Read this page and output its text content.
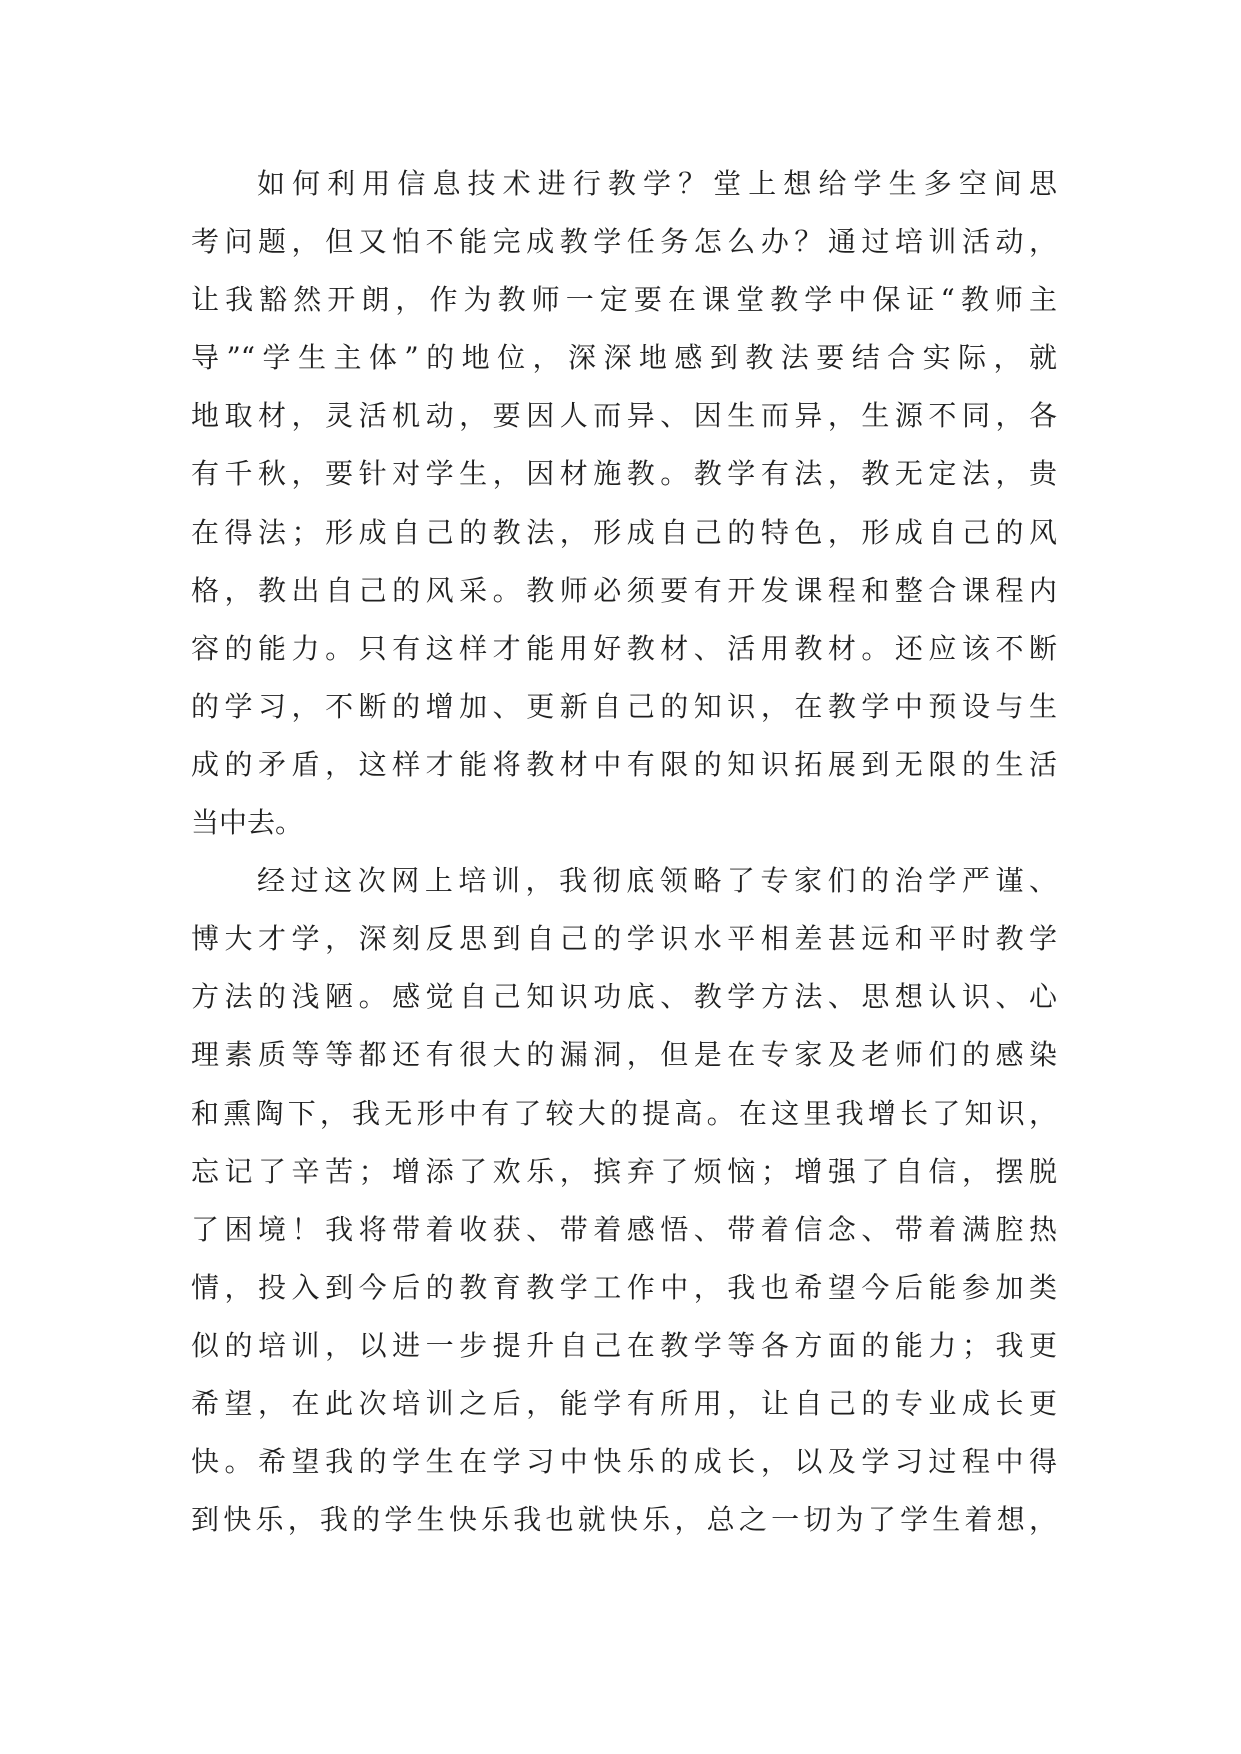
如何利用信息技术进行教学？堂上想给学生多空间思
考问题，但又怕不能完成教学任务怎么办？通过培训活动，
让我豁然开朗，作为教师一定要在课堂教学中保证“教师主
导”“学生主体”的地位，深深地感到教法要结合实际，就
地取材，灵活机动，要因人而异、因生而异，生源不同，各
有千秋，要针对学生，因材施教。教学有法，教无定法，贵
在得法；形成自己的教法，形成自己的特色，形成自己的风
格，教出自己的风采。教师必须要有开发课程和整合课程内
容的能力。只有这样才能用好教材、活用教材。还应该不断
的学习，不断的增加、更新自己的知识，在教学中预设与生
成的矛盾，这样才能将教材中有限的知识拓展到无限的生活
当中去。
经过这次网上培训，我彻底领略了专家们的治学严谨、
博大才学，深刻反思到自己的学识水平相差甚远和平时教学
方法的浅陋。感觉自己知识功底、教学方法、思想认识、心
理素质等等都还有很大的漏洞，但是在专家及老师们的感染
和熏陶下，我无形中有了较大的提高。在这里我增长了知识，
忘记了辛苦；增添了欢乐，摈弃了烦恼；增强了自信，摆脱
了困境！我将带着收获、带着感悟、带着信念、带着满腔热
情，投入到今后的教育教学工作中，我也希望今后能参加类
似的培训，以进一步提升自己在教学等各方面的能力；我更
希望，在此次培训之后，能学有所用，让自己的专业成长更
快。希望我的学生在学习中快乐的成长，以及学习过程中得
到快乐，我的学生快乐我也就快乐，总之一切为了学生着想，
